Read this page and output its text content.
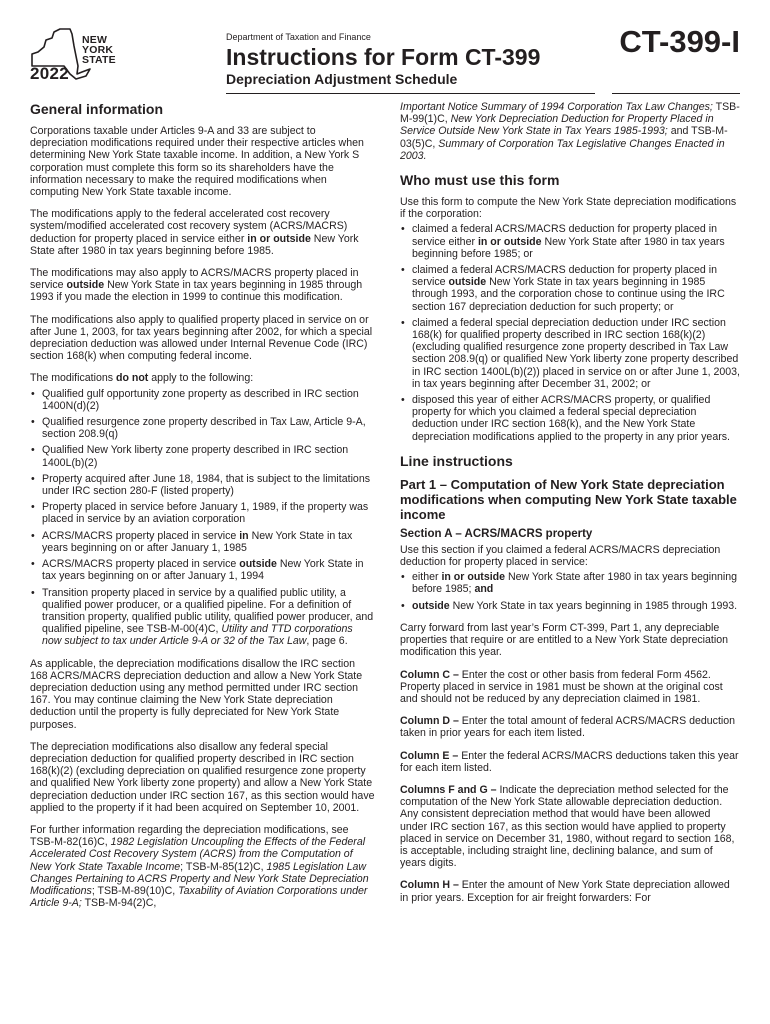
NEW
YORK
STATE
2022
Department of Taxation and Finance
Instructions for Form CT-399
Depreciation Adjustment Schedule
CT-399-I
General information

Corporations taxable under Articles 9-A and 33 are subject to depreciation modifications required under their respective articles when determining New York State taxable income. In addition, a New York S corporation must complete this form so its shareholders have the information necessary to make the required modifications when computing New York State taxable income.

The modifications apply to the federal accelerated cost recovery system/modified accelerated cost recovery system (ACRS/MACRS) deduction for property placed in service either in or outside New York State after 1980 in tax years beginning before 1985.

The modifications may also apply to ACRS/MACRS property placed in service outside New York State in tax years beginning in 1985 through 1993 if you made the election in 1999 to continue this modification.

The modifications also apply to qualified property placed in service on or after June 1, 2003, for tax years beginning after 2002, for which a special depreciation deduction was allowed under Internal Revenue Code (IRC) section 168(k) when computing federal income.

The modifications do not apply to the following:

• Qualified gulf opportunity zone property as described in IRC section 1400N(d)(2)
• Qualified resurgence zone property described in Tax Law, Article 9-A, section 208.9(q)
• Qualified New York liberty zone property described in IRC section 1400L(b)(2)
• Property acquired after June 18, 1984, that is subject to the limitations under IRC section 280-F (listed property)
• Property placed in service before January 1, 1989, if the property was placed in service by an aviation corporation
• ACRS/MACRS property placed in service in New York State in tax years beginning on or after January 1, 1985
• ACRS/MACRS property placed in service outside New York State in tax years beginning on or after January 1, 1994
• Transition property placed in service by a qualified public utility, a qualified power producer, or a qualified pipeline. For a definition of transition property, qualified public utility, qualified power producer, and qualified pipeline, see TSB-M-00(4)C, Utility and TTD corporations now subject to tax under Article 9-A or 32 of the Tax Law, page 6.

As applicable, the depreciation modifications disallow the IRC section 168 ACRS/MACRS depreciation deduction and allow a New York State depreciation deduction using any method permitted under IRC section 167. You may continue claiming the New York State depreciation deduction until the property is fully depreciated for New York State purposes.

The depreciation modifications also disallow any federal special depreciation deduction for qualified property described in IRC section 168(k)(2) (excluding depreciation on qualified resurgence zone property and qualified New York liberty zone property) and allow a New York State depreciation deduction under IRC section 167, as this section would have applied to the property if it had been acquired on September 10, 2001.

For further information regarding the depreciation modifications, see TSB-M-82(16)C, 1982 Legislation Uncoupling the Effects of the Federal Accelerated Cost Recovery System (ACRS) from the Computation of New York State Taxable Income; TSB-M-85(12)C, 1985 Legislation Law Changes Pertaining to ACRS Property and New York State Depreciation Modifications; TSB-M-89(10)C, Taxability of Aviation Corporations under Article 9-A; TSB-M-94(2)C,

Important Notice Summary of 1994 Corporation Tax Law Changes; TSB-M-99(1)C, New York Depreciation Deduction for Property Placed in Service Outside New York State in Tax Years 1985-1993; and TSB-M-03(5)C, Summary of Corporation Tax Legislative Changes Enacted in 2003.

Who must use this form

Use this form to compute the New York State depreciation modifications if the corporation:

• claimed a federal ACRS/MACRS deduction for property placed in service either in or outside New York State after 1980 in tax years beginning before 1985; or
• claimed a federal ACRS/MACRS deduction for property placed in service outside New York State in tax years beginning in 1985 through 1993, and the corporation chose to continue using the IRC section 167 depreciation deduction for such property; or
• claimed a federal special depreciation deduction under IRC section 168(k) for qualified property described in IRC section 168(k)(2) (excluding qualified resurgence zone property described in Tax Law section 208.9(q) or qualified New York liberty zone property described in IRC section 1400L(b)(2)) placed in service on or after June 1, 2003, in tax years beginning after December 31, 2002; or
• disposed this year of either ACRS/MACRS property, or qualified property for which you claimed a federal special depreciation deduction under IRC section 168(k), and the New York State depreciation modifications applied to the property in any prior years.
Line instructions
Part 1 – Computation of New York State depreciation modifications when computing New York State taxable income
Section A – ACRS/MACRS property

Use this section if you claimed a federal ACRS/MACRS depreciation deduction for property placed in service:

• either in or outside New York State after 1980 in tax years beginning before 1985; and
• outside New York State in tax years beginning in 1985 through 1993.

Carry forward from last year’s Form CT-399, Part 1, any depreciable properties that require or are entitled to a New York State depreciation modification this year.

Column C – Enter the cost or other basis from federal Form 4562. Property placed in service in 1981 must be shown at the original cost and should not be reduced by any depreciation claimed in 1981.

Column D – Enter the total amount of federal ACRS/MACRS deduction taken in prior years for each item listed.

Column E – Enter the federal ACRS/MACRS deductions taken this year for each item listed.

Columns F and G – Indicate the depreciation method selected for the computation of the New York State allowable depreciation deduction. Any consistent depreciation method that would have been allowed under IRC section 167, as this section would have applied to property placed in service on December 31, 1980, without regard to section 168, is acceptable, including straight line, declining balance, and sum of years digits.

Column H – Enter the amount of New York State depreciation allowed in prior years. Exception for air freight forwarders: For
